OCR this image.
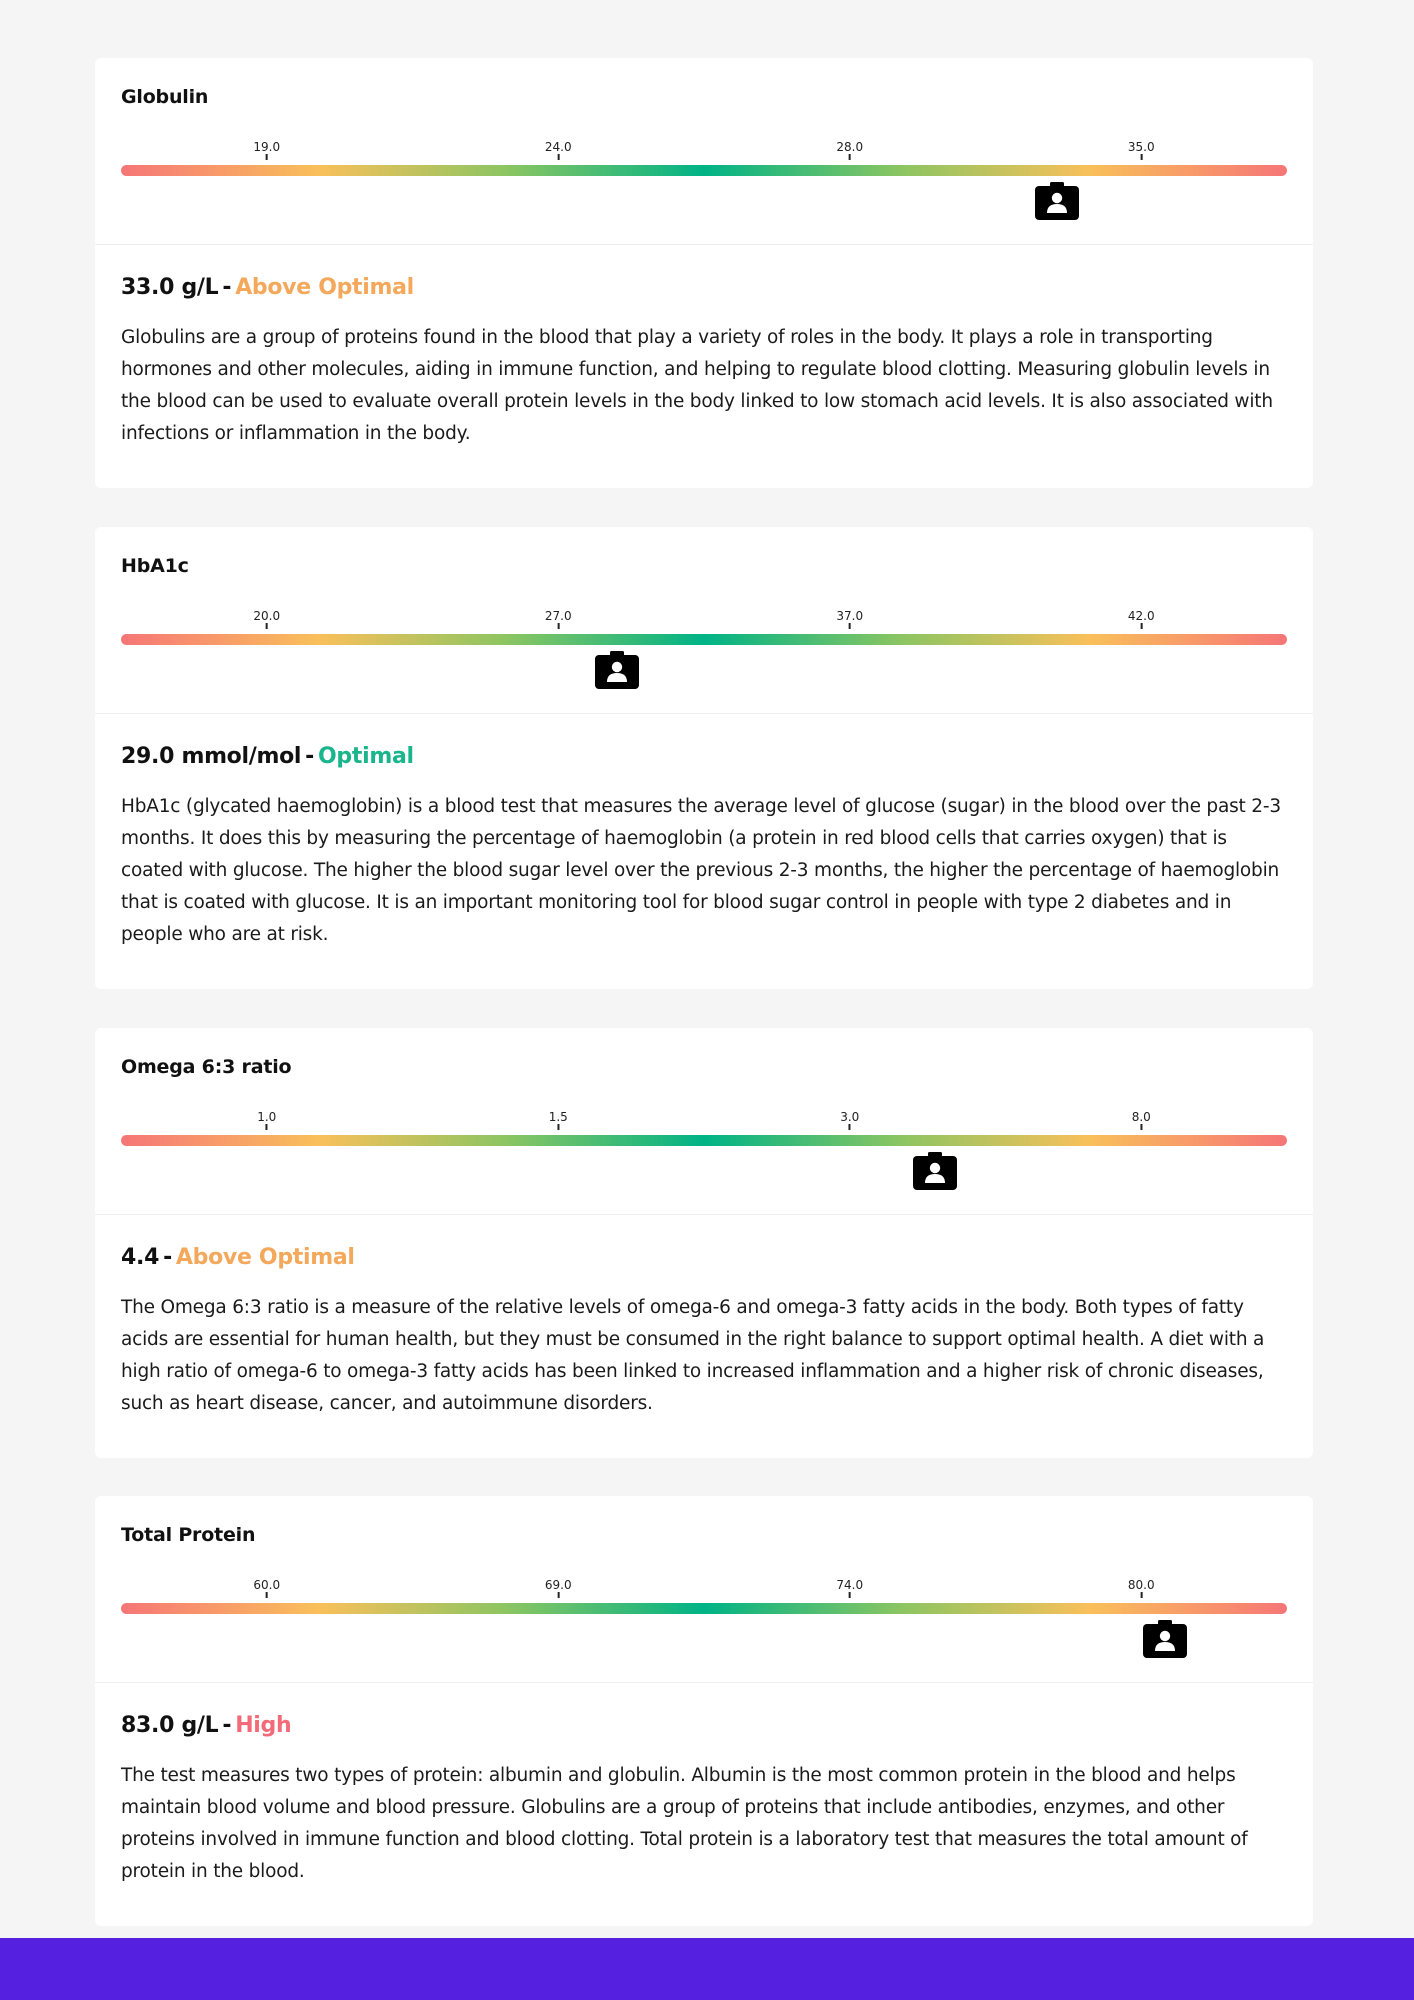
Globulin
19.0	24.0	28.0	35.0

33.0 g/L - Above Optimal

Globulins are a group of proteins found in the blood that play a variety of roles in the body. It plays a role in transporting hormones and other molecules, aiding in immune function, and helping to regulate blood clotting. Measuring globulin levels in the blood can be used to evaluate overall protein levels in the body linked to low stomach acid levels. It is also associated with infections or inflammation in the body.

HbA1c
20.0	27.0	37.0	42.0

29.0 mmol/mol - Optimal

HbA1c (glycated haemoglobin) is a blood test that measures the average level of glucose (sugar) in the blood over the past 2-3 months. It does this by measuring the percentage of haemoglobin (a protein in red blood cells that carries oxygen) that is coated with glucose. The higher the blood sugar level over the previous 2-3 months, the higher the percentage of haemoglobin that is coated with glucose. It is an important monitoring tool for blood sugar control in people with type 2 diabetes and in people who are at risk.

Omega 6:3 ratio
1.0	1.5	3.0	8.0

4.4 - Above Optimal

The Omega 6:3 ratio is a measure of the relative levels of omega-6 and omega-3 fatty acids in the body. Both types of fatty acids are essential for human health, but they must be consumed in the right balance to support optimal health. A diet with a high ratio of omega-6 to omega-3 fatty acids has been linked to increased inflammation and a higher risk of chronic diseases, such as heart disease, cancer, and autoimmune disorders.

Total Protein
60.0	69.0	74.0	80.0

83.0 g/L - High

The test measures two types of protein: albumin and globulin. Albumin is the most common protein in the blood and helps maintain blood volume and blood pressure. Globulins are a group of proteins that include antibodies, enzymes, and other proteins involved in immune function and blood clotting. Total protein is a laboratory test that measures the total amount of protein in the blood.
